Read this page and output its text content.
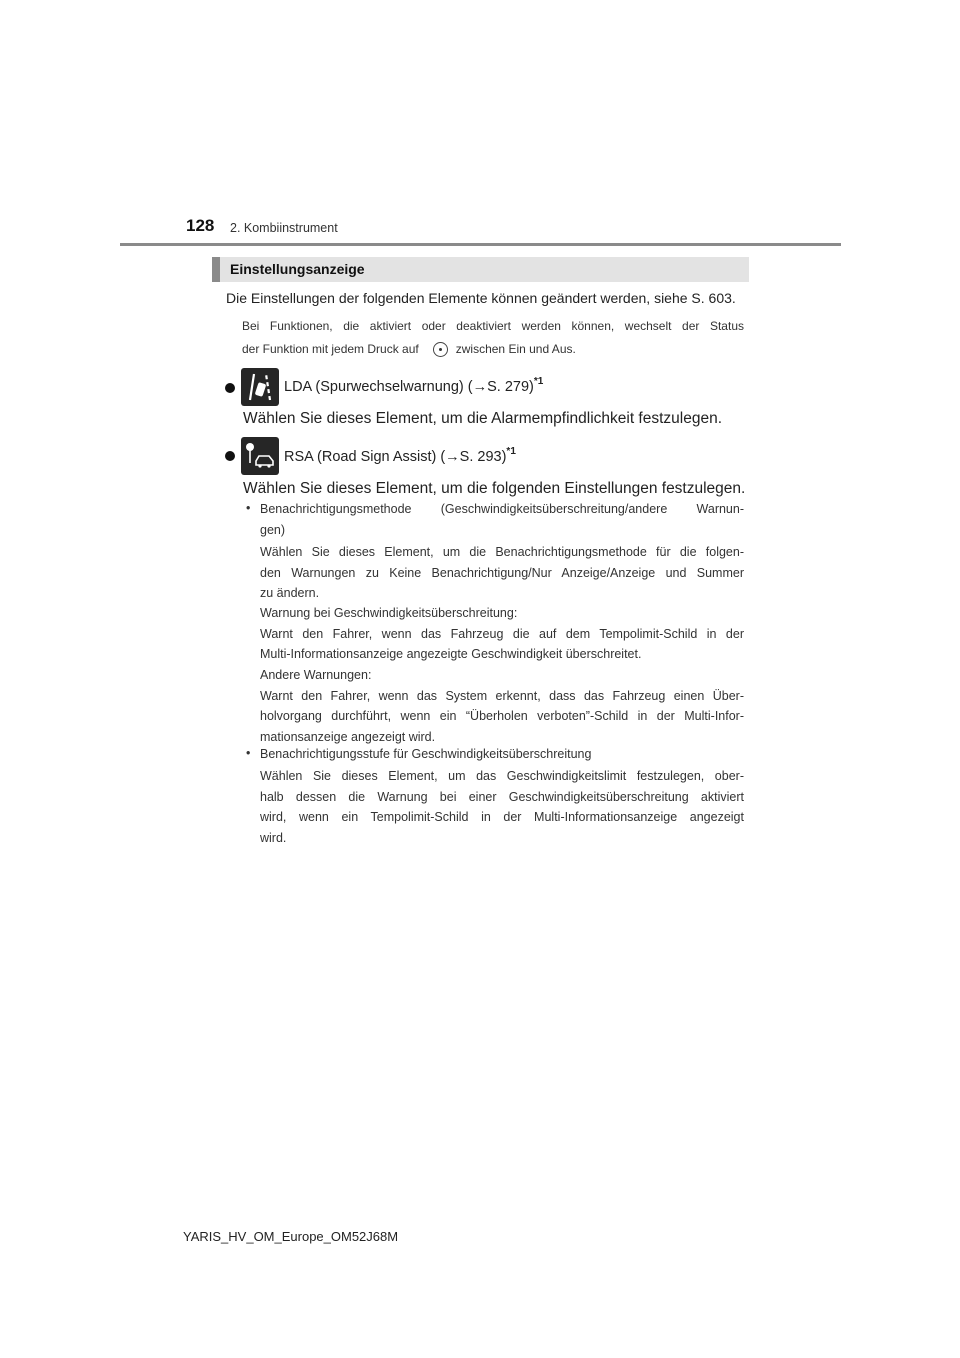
128 2. Kombiinstrument
Einstellungsanzeige
Die Einstellungen der folgenden Elemente können geändert werden, siehe S. 603.
Bei Funktionen, die aktiviert oder deaktiviert werden können, wechselt der Status
der Funktion mit jedem Druck auf	zwischen Ein und Aus.
LDA (Spurwechselwarnung) (→S. 279)$^{*1}$
Wählen Sie dieses Element, um die Alarmempfindlichkeit festzulegen.
RSA (Road Sign Assist) (→S. 293)$^{*1}$
Wählen Sie dieses Element, um die folgenden Einstellungen festzulegen.
• Benachrichtigungsmethode (Geschwindigkeitsüberschreitung/andere Warnun-
gen)
Wählen Sie dieses Element, um die Benachrichtigungsmethode für die folgen-
den Warnungen zu Keine Benachrichtigung/Nur Anzeige/Anzeige und Summer
zu ändern.
Warnung bei Geschwindigkeitsüberschreitung:
Warnt den Fahrer, wenn das Fahrzeug die auf dem Tempolimit-Schild in der
Multi-Informationsanzeige angezeigte Geschwindigkeit überschreitet.
Andere Warnungen:
Warnt den Fahrer, wenn das System erkennt, dass das Fahrzeug einen Über-
holvorgang durchführt, wenn ein “Überholen verboten”-Schild in der Multi-Infor-
mationsanzeige angezeigt wird.
• Benachrichtigungsstufe für Geschwindigkeitsüberschreitung
Wählen Sie dieses Element, um das Geschwindigkeitslimit festzulegen, ober-
halb dessen die Warnung bei einer Geschwindigkeitsüberschreitung aktiviert
wird, wenn ein Tempolimit-Schild in der Multi-Informationsanzeige angezeigt
wird.
YARIS_HV_OM_Europe_OM52J68M
